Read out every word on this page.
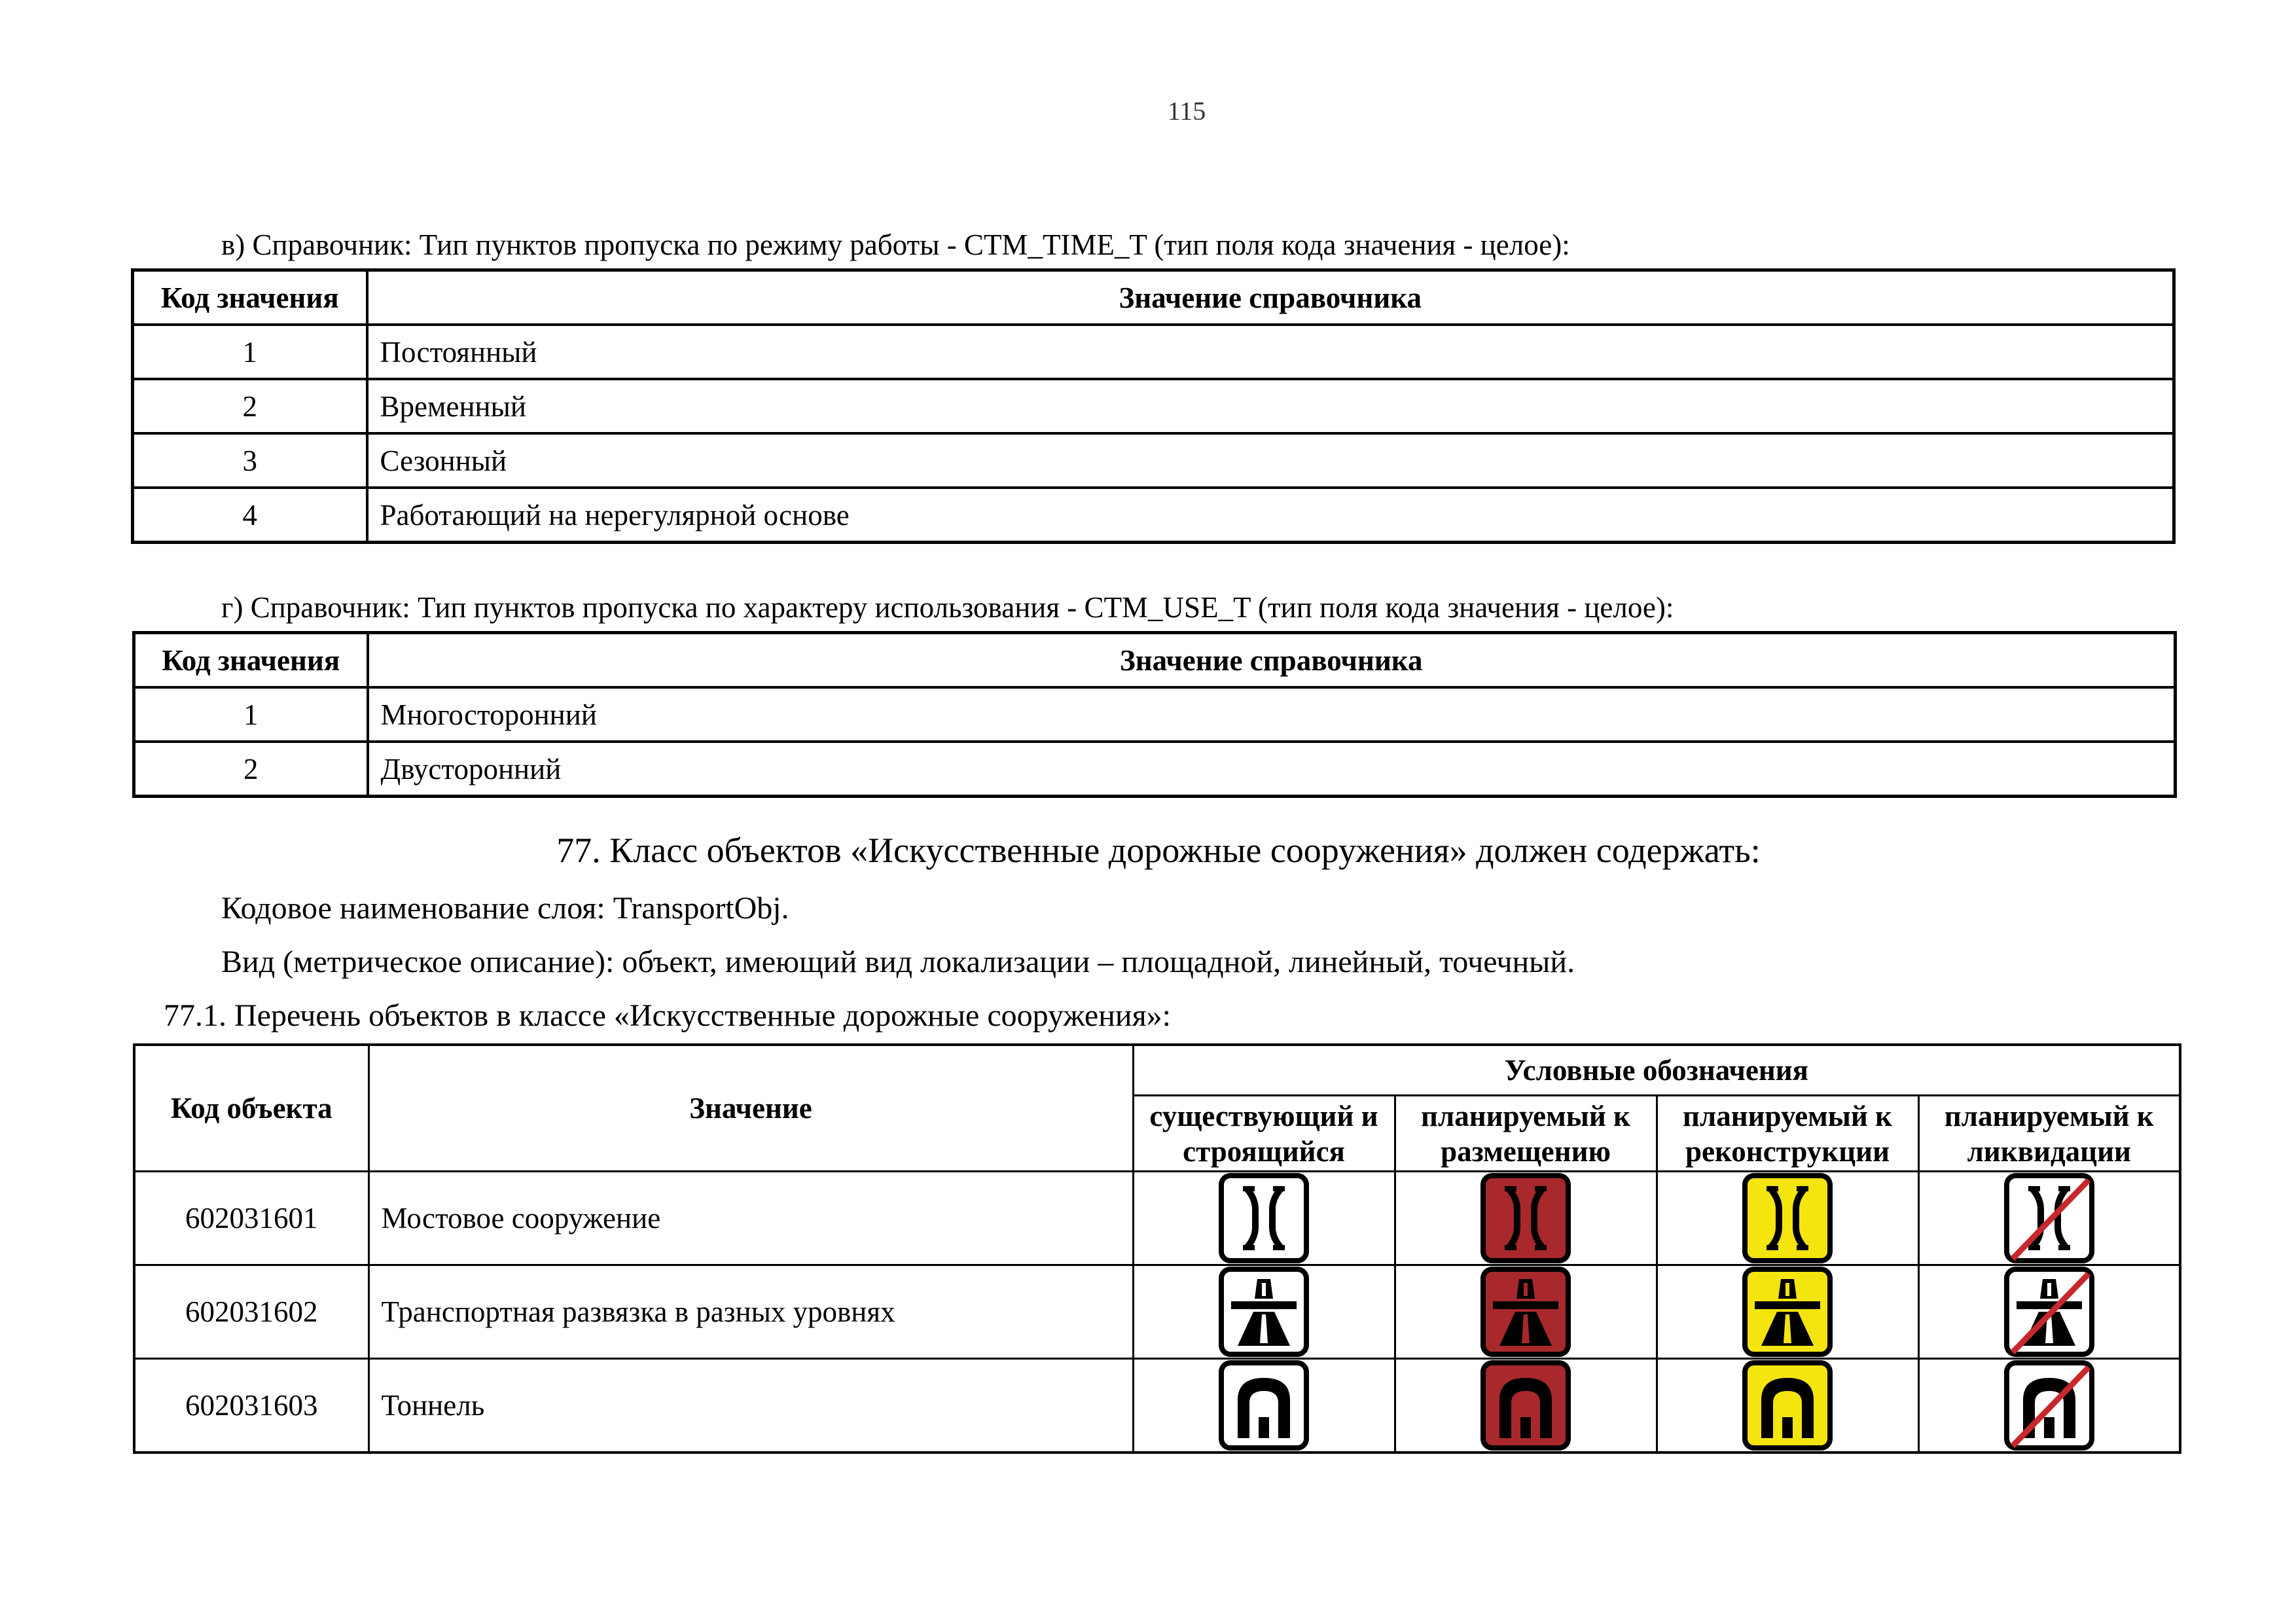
115
в) Справочник: Тип пунктов пропуска по режиму работы - CTM_TIME_T (тип поля кода значения - целое):
Код значения	Значение справочника
1	Постоянный
2	Временный
3	Сезонный
4	Работающий на нерегулярной основе
г) Справочник: Тип пунктов пропуска по характеру использования - CTM_USE_T (тип поля кода значения - целое):
Код значения	Значение справочника
1	Многосторонний
2	Двусторонний
77. Класс объектов «Искусственные дорожные сооружения» должен содержать:
Кодовое наименование слоя: TransportObj.
Вид (метрическое описание): объект, имеющий вид локализации – площадной, линейный, точечный.
77.1. Перечень объектов в классе «Искусственные дорожные сооружения»:
Код объекта	Значение	Условные обозначения			
		существующий и строящийся	планируемый к размещению	планируемый к реконструкции	планируемый к ликвидации
602031601	Мостовое сооружение	

602031602	Транспортная развязка в разных уровнях	

602031603	Тоннель	
